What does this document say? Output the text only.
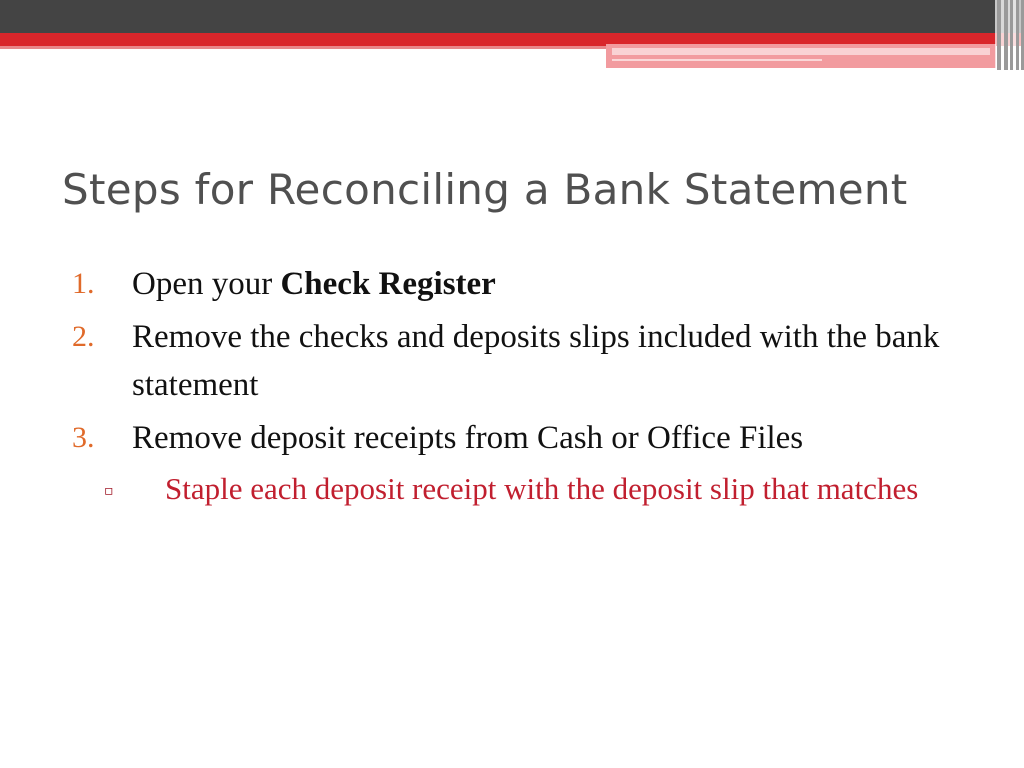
Steps for Reconciling a Bank Statement
1. Open your Check Register
2. Remove the checks and deposits slips included with the bank statement
3. Remove deposit receipts from Cash or Office Files
▫ Staple each deposit receipt with the deposit slip that matches
